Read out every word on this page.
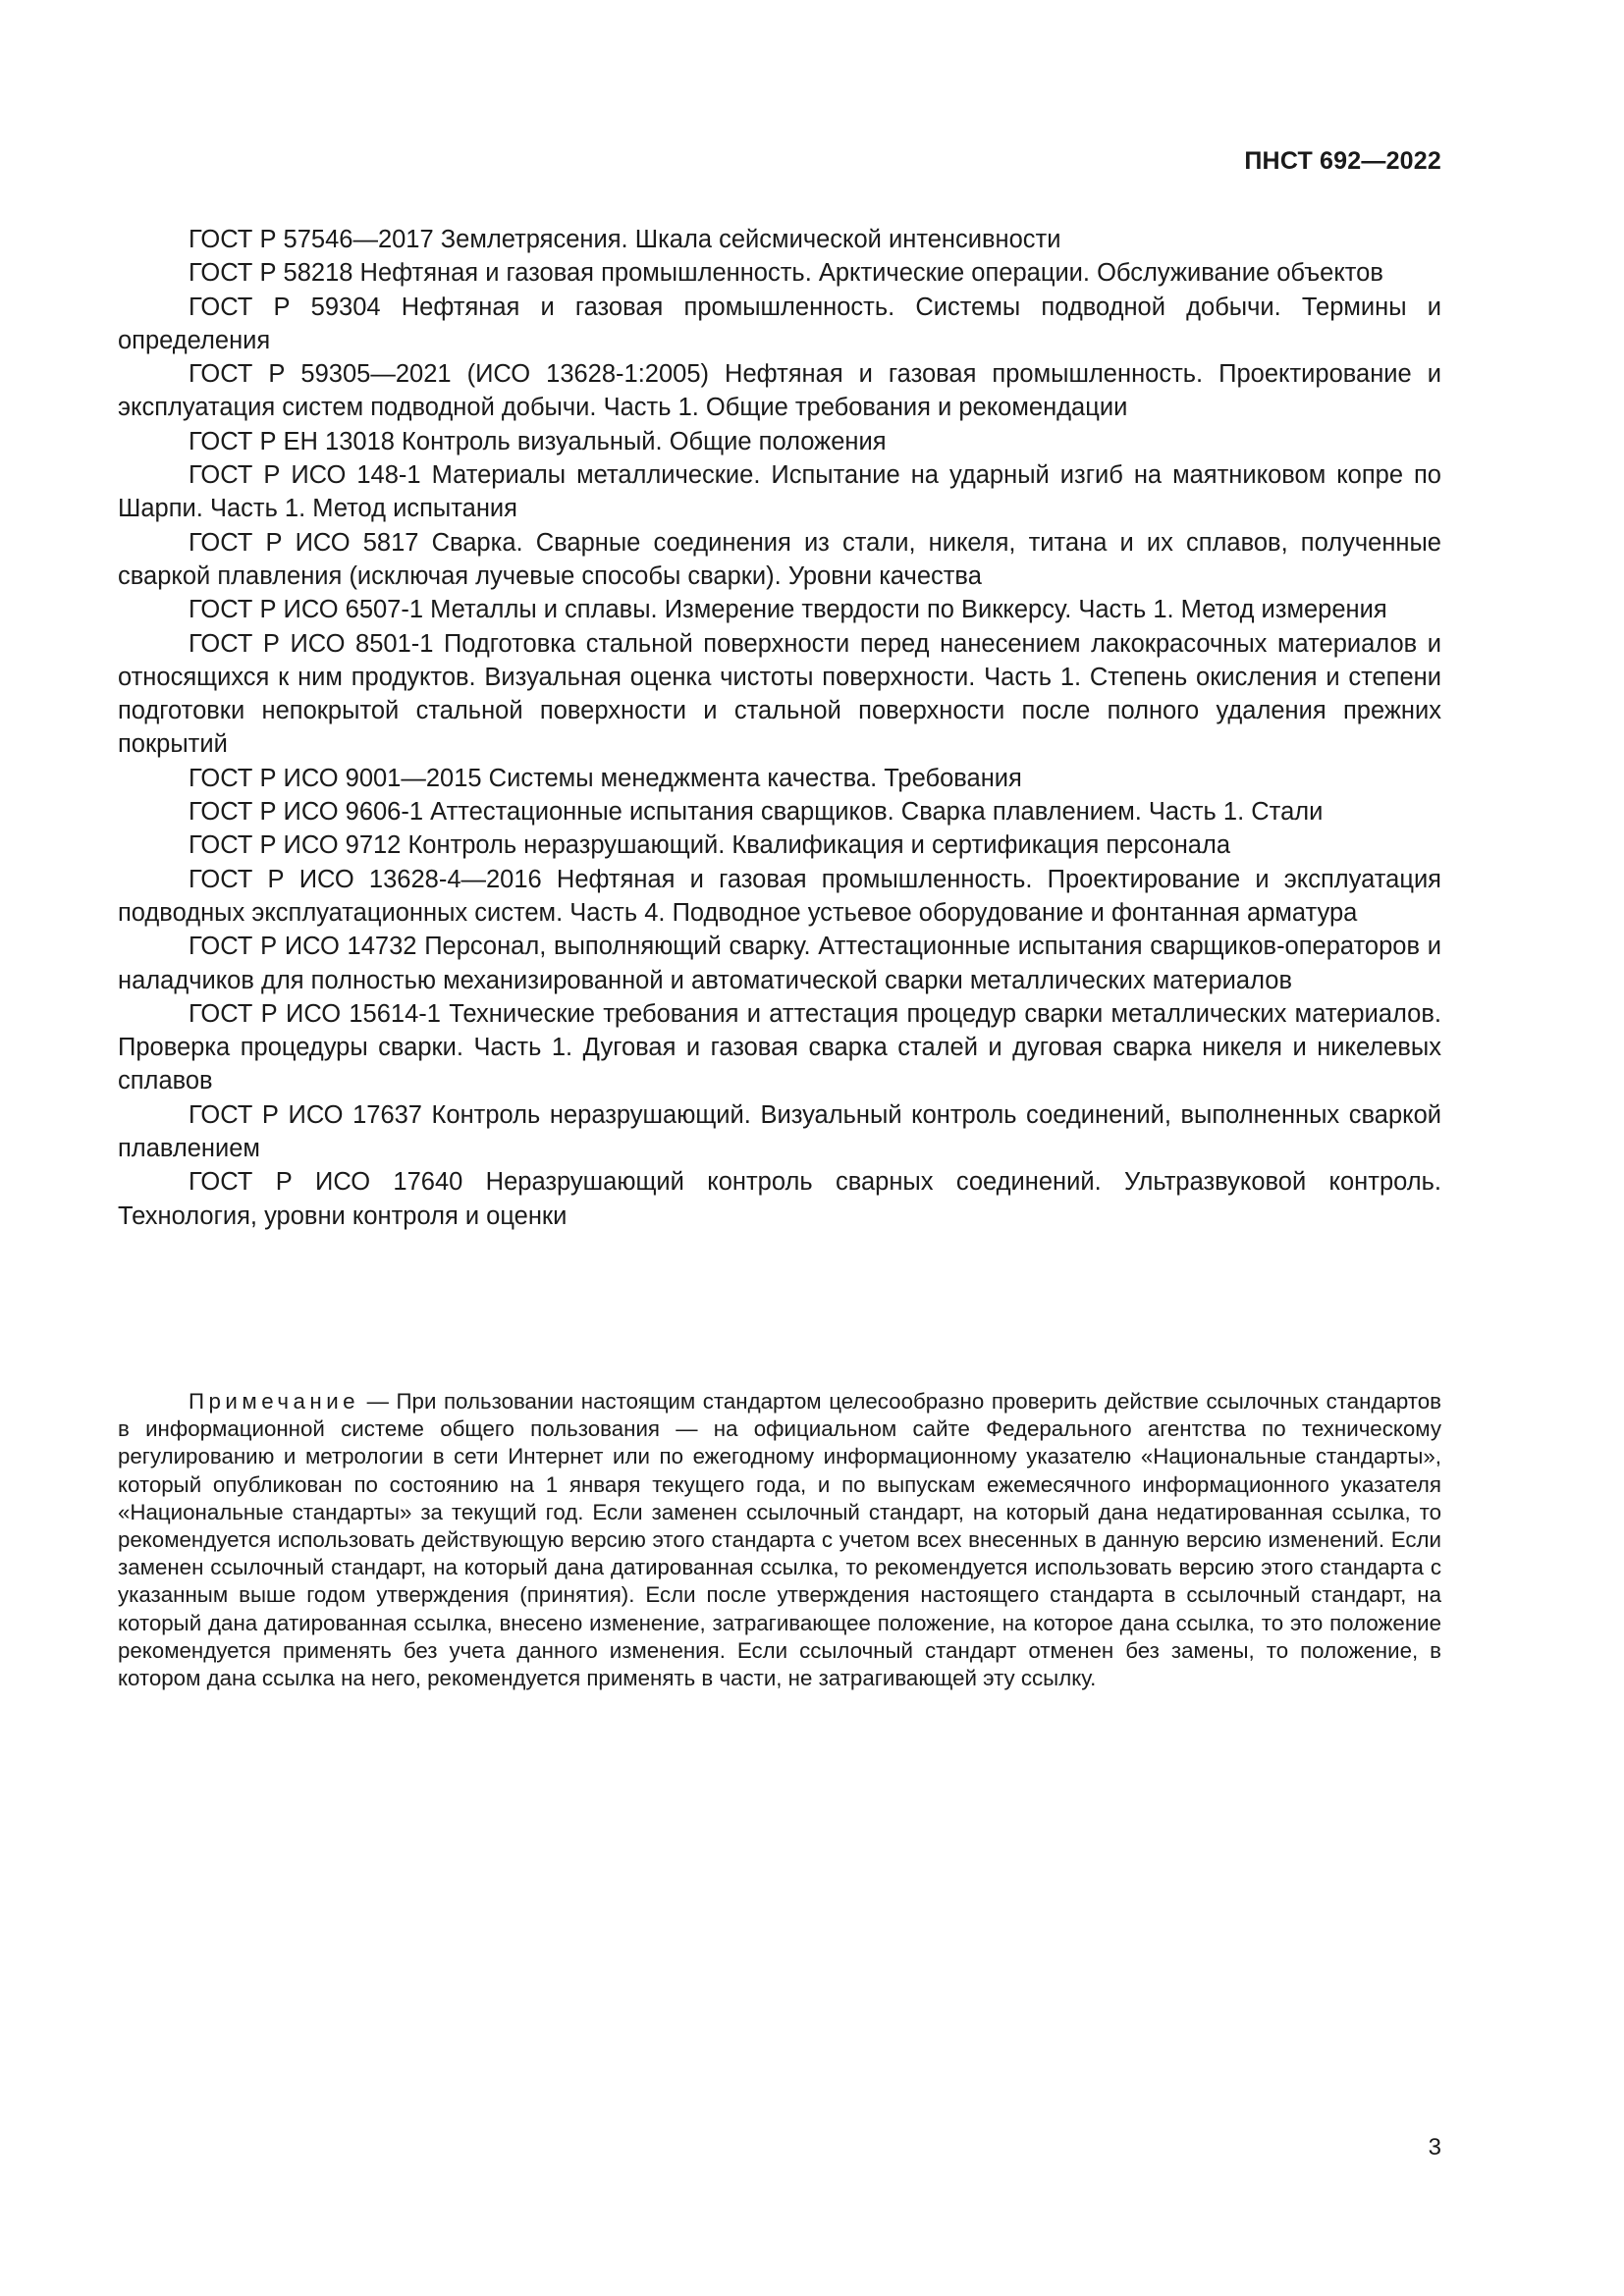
ПНСТ 692—2022

ГОСТ Р 57546—2017 Землетрясения. Шкала сейсмической интенсивности

ГОСТ Р 58218 Нефтяная и газовая промышленность. Арктические операции. Обслуживание объектов

ГОСТ Р 59304 Нефтяная и газовая промышленность. Системы подводной добычи. Термины и определения

ГОСТ Р 59305—2021 (ИСО 13628-1:2005) Нефтяная и газовая промышленность. Проектирование и эксплуатация систем подводной добычи. Часть 1. Общие требования и рекомендации

ГОСТ Р ЕН 13018 Контроль визуальный. Общие положения

ГОСТ Р ИСО 148-1 Материалы металлические. Испытание на ударный изгиб на маятниковом копре по Шарпи. Часть 1. Метод испытания

ГОСТ Р ИСО 5817 Сварка. Сварные соединения из стали, никеля, титана и их сплавов, полученные сваркой плавления (исключая лучевые способы сварки). Уровни качества

ГОСТ Р ИСО 6507-1 Металлы и сплавы. Измерение твердости по Виккерсу. Часть 1. Метод измерения

ГОСТ Р ИСО 8501-1 Подготовка стальной поверхности перед нанесением лакокрасочных материалов и относящихся к ним продуктов. Визуальная оценка чистоты поверхности. Часть 1. Степень окисления и степени подготовки непокрытой стальной поверхности и стальной поверхности после полного удаления прежних покрытий

ГОСТ Р ИСО 9001—2015 Системы менеджмента качества. Требования

ГОСТ Р ИСО 9606-1 Аттестационные испытания сварщиков. Сварка плавлением. Часть 1. Стали

ГОСТ Р ИСО 9712 Контроль неразрушающий. Квалификация и сертификация персонала

ГОСТ Р ИСО 13628-4—2016 Нефтяная и газовая промышленность. Проектирование и эксплуатация подводных эксплуатационных систем. Часть 4. Подводное устьевое оборудование и фонтанная арматура

ГОСТ Р ИСО 14732 Персонал, выполняющий сварку. Аттестационные испытания сварщиков-операторов и наладчиков для полностью механизированной и автоматической сварки металлических материалов

ГОСТ Р ИСО 15614-1 Технические требования и аттестация процедур сварки металлических материалов. Проверка процедуры сварки. Часть 1. Дуговая и газовая сварка сталей и дуговая сварка никеля и никелевых сплавов

ГОСТ Р ИСО 17637 Контроль неразрушающий. Визуальный контроль соединений, выполненных сваркой плавлением

ГОСТ Р ИСО 17640 Неразрушающий контроль сварных соединений. Ультразвуковой контроль. Технология, уровни контроля и оценки

Примечание — При пользовании настоящим стандартом целесообразно проверить действие ссылочных стандартов в информационной системе общего пользования — на официальном сайте Федерального агентства по техническому регулированию и метрологии в сети Интернет или по ежегодному информационному указателю «Национальные стандарты», который опубликован по состоянию на 1 января текущего года, и по выпускам ежемесячного информационного указателя «Национальные стандарты» за текущий год. Если заменен ссылочный стандарт, на который дана недатированная ссылка, то рекомендуется использовать действующую версию этого стандарта с учетом всех внесенных в данную версию изменений. Если заменен ссылочный стандарт, на который дана датированная ссылка, то рекомендуется использовать версию этого стандарта с указанным выше годом утверждения (принятия). Если после утверждения настоящего стандарта в ссылочный стандарт, на который дана датированная ссылка, внесено изменение, затрагивающее положение, на которое дана ссылка, то это положение рекомендуется применять без учета данного изменения. Если ссылочный стандарт отменен без замены, то положение, в котором дана ссылка на него, рекомендуется применять в части, не затрагивающей эту ссылку.

3
